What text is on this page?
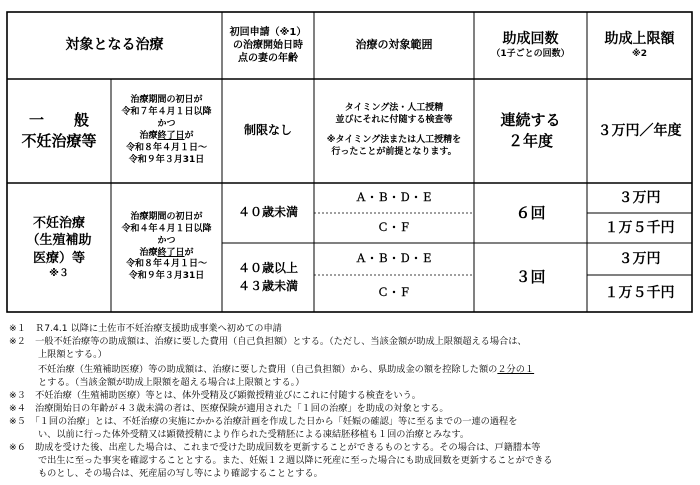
対象となる治療
初回申請（※1）
の治療開始日時
点の妻の年齢
治療の対象範囲	助成回数
（1子ごとの回数）
助成上限額
※2
一　　般
不妊治療等
治療期間の初日が
令和７年４月１日以降
かつ
治療終了日が
令和８年４月１日～
令和９年３月31日
制限なし
タイミング法・人工授精
並びにそれに付随する検査等
※タイミング法または人工授精を
行ったことが前提となります。
連続する
２年度
３万円／年度
不妊治療
（生殖補助
医療）等
※３
治療期間の初日が
令和４年４月１日以降
かつ
治療終了日が
令和８年４月１日～
令和９年３月31日
４０歳未満
４０歳以上
４３歳未満
Ａ・Ｂ・Ｄ・Ｅ
Ｃ・Ｆ
Ａ・Ｂ・Ｄ・Ｅ
Ｃ・Ｆ
６回
３回
３万円
１万５千円
３万円
１万５千円
※１　Ｒ7.4.1 以降に土佐市不妊治療支援助成事業へ初めての申請
※２　一般不妊治療等の助成額は、治療に要した費用（自己負担額）とする。（ただし、当該金額が助成上限額超える場合は、
上限額とする。）
不妊治療（生殖補助医療）等の助成額は、治療に要した費用（自己負担額）から、県助成金の額を控除した額の２分の１
とする。（当該金額が助成上限額を超える場合は上限額とする。）
※３　不妊治療（生殖補助医療）等とは、体外受精及び顕微授精並びにこれに付随する検査をいう。
※４　治療開始日の年齢が４３歳未満の者は、医療保険が適用された「１回の治療」を助成の対象とする。
※５　「１回の治療」とは、不妊治療の実施にかかる治療計画を作成した日から「妊娠の確認」等に至るまでの一連の過程を
い、以前に行った体外受精又は顕微授精により作られた受精胚による凍結胚移植も１回の治療とみなす。
※６　助成を受けた後、出産した場合は、これまで受けた助成回数を更新することができるものとする。その場合は、戸籍謄本等
で出生に至った事実を確認することとする。また、妊娠１２週以降に死産に至った場合にも助成回数を更新することができる
ものとし、その場合は、死産届の写し等により確認することとする。
